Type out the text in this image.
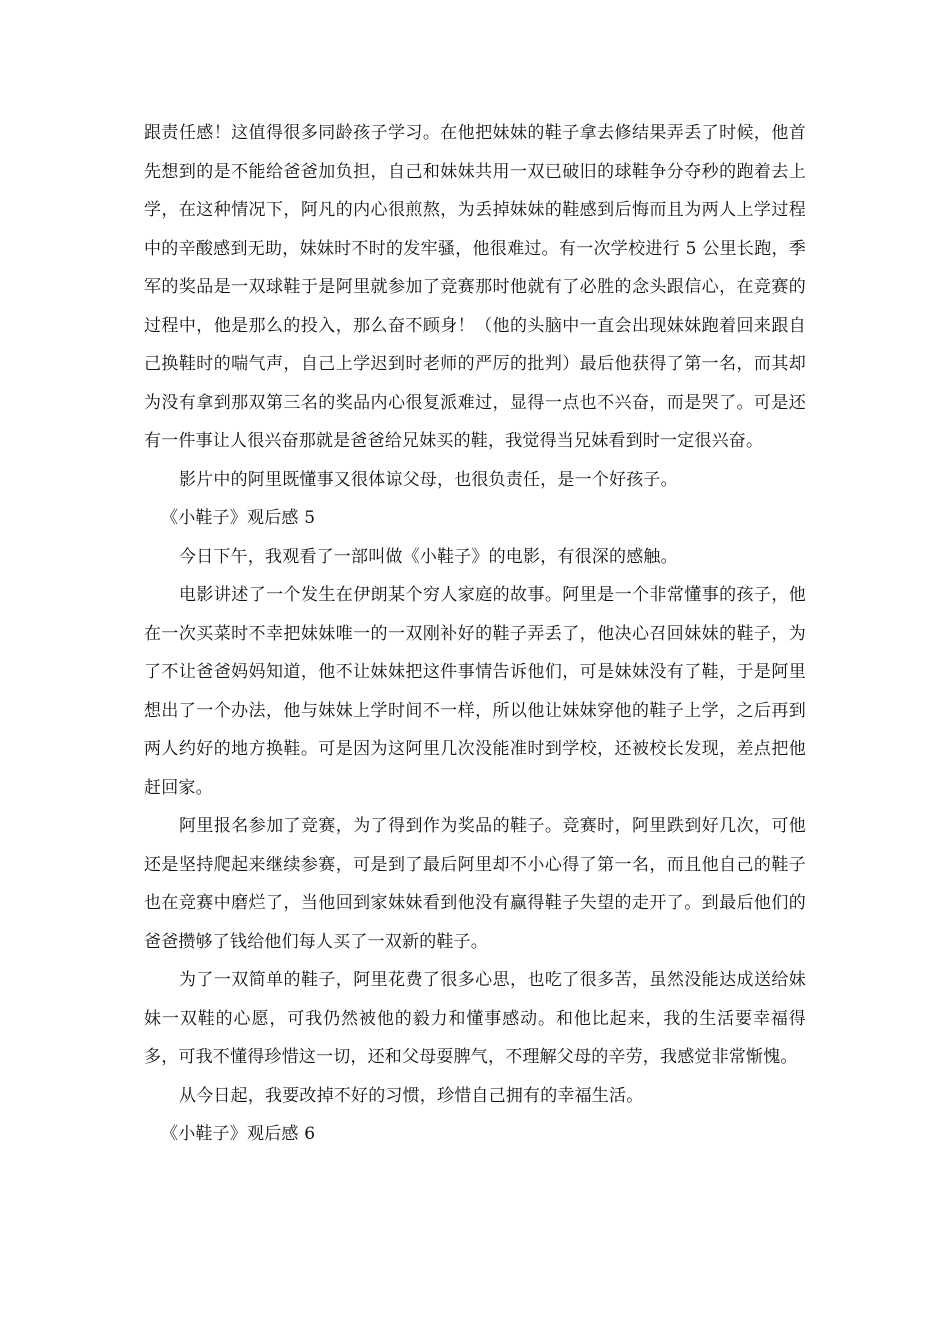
跟责任感！这值得很多同龄孩子学习。在他把妹妹的鞋子拿去修结果弄丢了时候，他首先想到的是不能给爸爸加负担，自己和妹妹共用一双已破旧的球鞋争分夺秒的跑着去上学，在这种情况下，阿凡的内心很煎熬，为丢掉妹妹的鞋感到后悔而且为两人上学过程中的辛酸感到无助，妹妹时不时的发牢骚，他很难过。有一次学校进行 5 公里长跑，季军的奖品是一双球鞋于是阿里就参加了竞赛那时他就有了必胜的念头跟信心，在竞赛的过程中，他是那么的投入，那么奋不顾身！（他的头脑中一直会出现妹妹跑着回来跟自己换鞋时的喘气声，自己上学迟到时老师的严厉的批判）最后他获得了第一名，而其却为没有拿到那双第三名的奖品内心很复派难过，显得一点也不兴奋，而是哭了。可是还有一件事让人很兴奋那就是爸爸给兄妹买的鞋，我觉得当兄妹看到时一定很兴奋。

影片中的阿里既懂事又很体谅父母，也很负责任，是一个好孩子。

《小鞋子》观后感 5

今日下午，我观看了一部叫做《小鞋子》的电影，有很深的感触。

电影讲述了一个发生在伊朗某个穷人家庭的故事。阿里是一个非常懂事的孩子，他在一次买菜时不幸把妹妹唯一的一双刚补好的鞋子弄丢了，他决心召回妹妹的鞋子，为了不让爸爸妈妈知道，他不让妹妹把这件事情告诉他们，可是妹妹没有了鞋，于是阿里想出了一个办法，他与妹妹上学时间不一样，所以他让妹妹穿他的鞋子上学，之后再到两人约好的地方换鞋。可是因为这阿里几次没能准时到学校，还被校长发现，差点把他赶回家。

阿里报名参加了竞赛，为了得到作为奖品的鞋子。竞赛时，阿里跌到好几次，可他还是坚持爬起来继续参赛，可是到了最后阿里却不小心得了第一名，而且他自己的鞋子也在竞赛中磨烂了，当他回到家妹妹看到他没有赢得鞋子失望的走开了。到最后他们的爸爸攒够了钱给他们每人买了一双新的鞋子。

为了一双简单的鞋子，阿里花费了很多心思，也吃了很多苦，虽然没能达成送给妹妹一双鞋的心愿，可我仍然被他的毅力和懂事感动。和他比起来，我的生活要幸福得多，可我不懂得珍惜这一切，还和父母耍脾气，不理解父母的辛劳，我感觉非常惭愧。

从今日起，我要改掉不好的习惯，珍惜自己拥有的幸福生活。

《小鞋子》观后感 6
